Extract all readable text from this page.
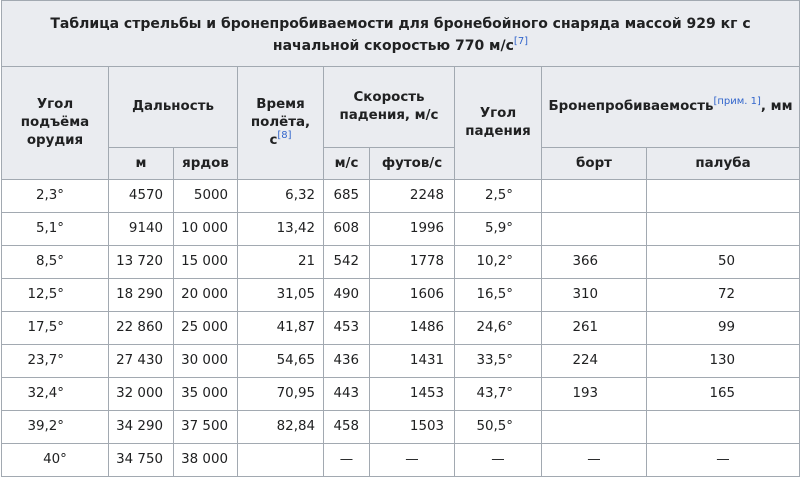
Таблица стрельбы и бронепробиваемости для бронебойного снаряда массой 929 кг с начальной скоростью 770 м/с[7]
Угол подъёма орудия	Дальность		Время полёта, с[8]	Скорость падения, м/с		Угол падения	Бронепробиваемость[прим. 1], мм	
	м	ярдов		м/с	футов/с		борт	палуба
2,3°	4570	5000	6,32	685	2248	2,5°		
5,1°	9140	10 000	13,42	608	1996	5,9°		
8,5°	13 720	15 000	21	542	1778	10,2°	366	50
12,5°	18 290	20 000	31,05	490	1606	16,5°	310	72
17,5°	22 860	25 000	41,87	453	1486	24,6°	261	99
23,7°	27 430	30 000	54,65	436	1431	33,5°	224	130
32,4°	32 000	35 000	70,95	443	1453	43,7°	193	165
39,2°	34 290	37 500	82,84	458	1503	50,5°		
40°	34 750	38 000		—	—	—	—	—
